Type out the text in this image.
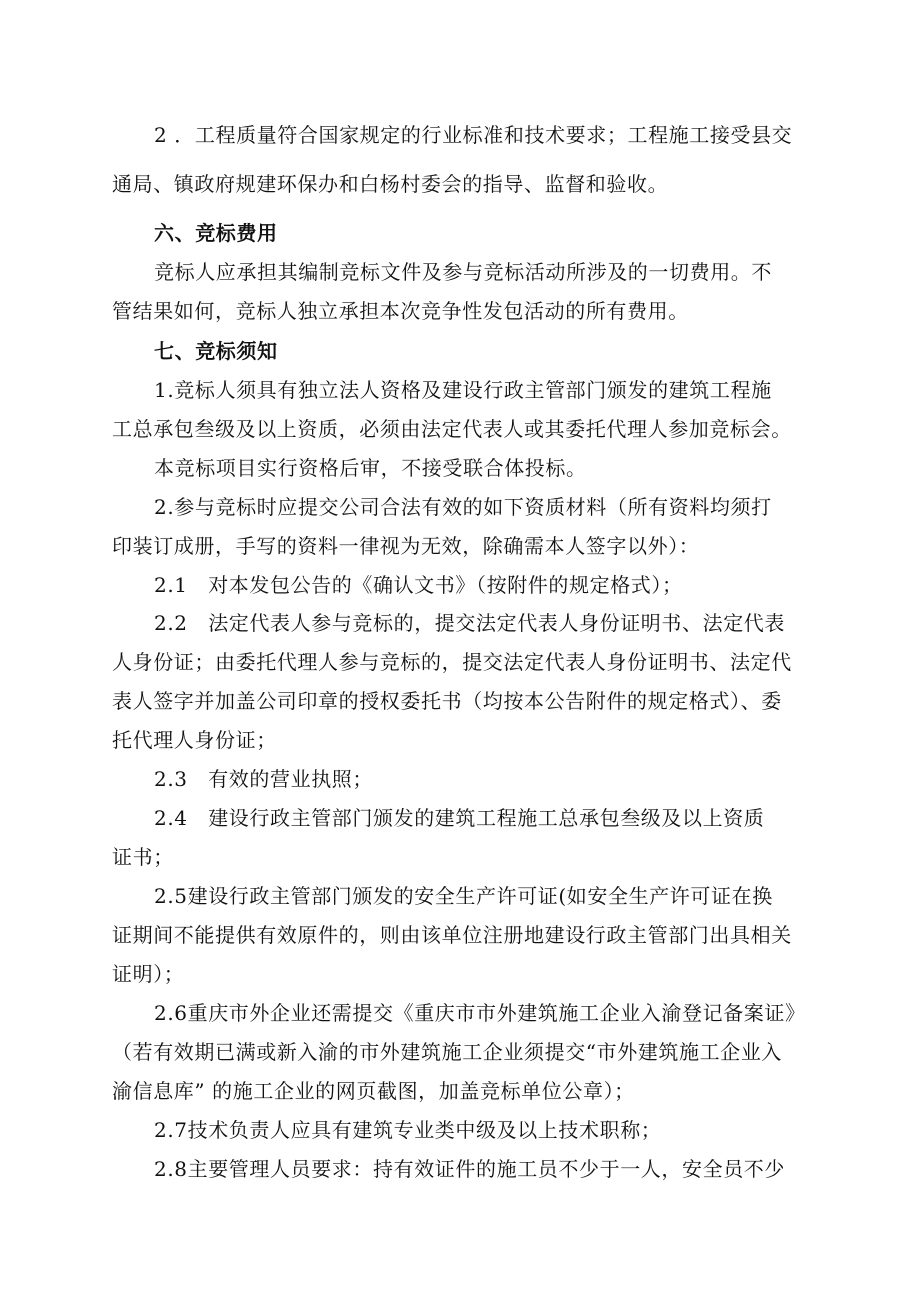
2 ．工程质量符合国家规定的行业标准和技术要求；工程施工接受县交
通局、镇政府规建环保办和白杨村委会的指导、监督和验收。
六、竞标费用
竞标人应承担其编制竞标文件及参与竞标活动所涉及的一切费用。不
管结果如何，竞标人独立承担本次竞争性发包活动的所有费用。
七、竞标须知
1.竞标人须具有独立法人资格及建设行政主管部门颁发的建筑工程施
工总承包叁级及以上资质，必须由法定代表人或其委托代理人参加竞标会。
本竞标项目实行资格后审，不接受联合体投标。
2.参与竞标时应提交公司合法有效的如下资质材料（所有资料均须打
印装订成册，手写的资料一律视为无效，除确需本人签字以外）：
2.1　对本发包公告的《确认文书》（按附件的规定格式）；
2.2　法定代表人参与竞标的，提交法定代表人身份证明书、法定代表
人身份证；由委托代理人参与竞标的，提交法定代表人身份证明书、法定代
表人签字并加盖公司印章的授权委托书（均按本公告附件的规定格式）、委
托代理人身份证；
2.3　有效的营业执照；
2.4　建设行政主管部门颁发的建筑工程施工总承包叁级及以上资质
证书；
2.5建设行政主管部门颁发的安全生产许可证(如安全生产许可证在换
证期间不能提供有效原件的，则由该单位注册地建设行政主管部门出具相关
证明）；
2.6重庆市外企业还需提交《重庆市市外建筑施工企业入渝登记备案证》
（若有效期已满或新入渝的市外建筑施工企业须提交“市外建筑施工企业入
渝信息库” 的施工企业的网页截图，加盖竞标单位公章）；
2.7技术负责人应具有建筑专业类中级及以上技术职称；
2.8主要管理人员要求：持有效证件的施工员不少于一人，安全员不少
